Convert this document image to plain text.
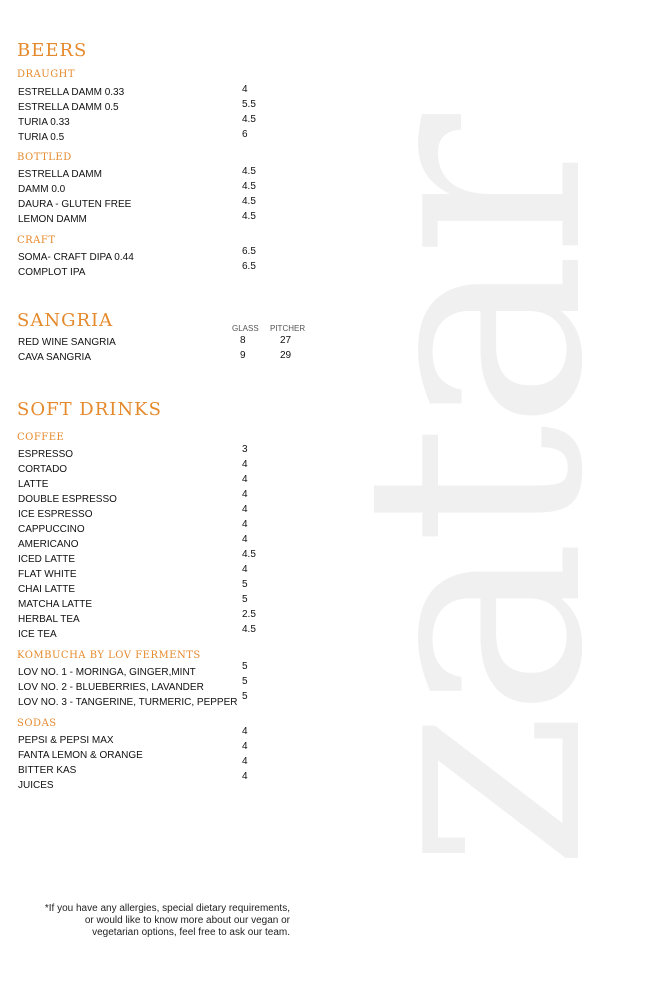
zatar
BEERS
DRAUGHT
ESTRELLA DAMM 0.33
ESTRELLA DAMM 0.5
TURIA 0.33
TURIA 0.5
4
5.5
4.5
6
BOTTLED
ESTRELLA DAMM
DAMM 0.0
DAURA - GLUTEN FREE
LEMON DAMM
4.5
4.5
4.5
4.5
CRAFT
SOMA- CRAFT DIPA 0.44
COMPLOT IPA
6.5
6.5
SANGRIA	GLASS PITCHER
RED WINE SANGRIA
CAVA SANGRIA
8
9
27
29
SOFT DRINKS
COFFEE
ESPRESSO
CORTADO
LATTE
DOUBLE ESPRESSO
ICE ESPRESSO
CAPPUCCINO
AMERICANO
ICED LATTE
FLAT WHITE
CHAI LATTE
MATCHA LATTE
HERBAL TEA
ICE TEA
3
4
4
4
4
4
4
4.5
4
5
5
2.5
4.5
KOMBUCHA BY LOV FERMENTS
LOV NO. 1 - MORINGA, GINGER,MINT
LOV NO. 2 - BLUEBERRIES, LAVANDER
LOV NO. 3 - TANGERINE, TURMERIC, PEPPER
5
5
5
SODAS
PEPSI & PEPSI MAX
FANTA LEMON & ORANGE
BITTER KAS
JUICES
4
4
4
4
*If you have any allergies, special dietary requirements,
or would like to know more about our vegan or
vegetarian options, feel free to ask our team.
